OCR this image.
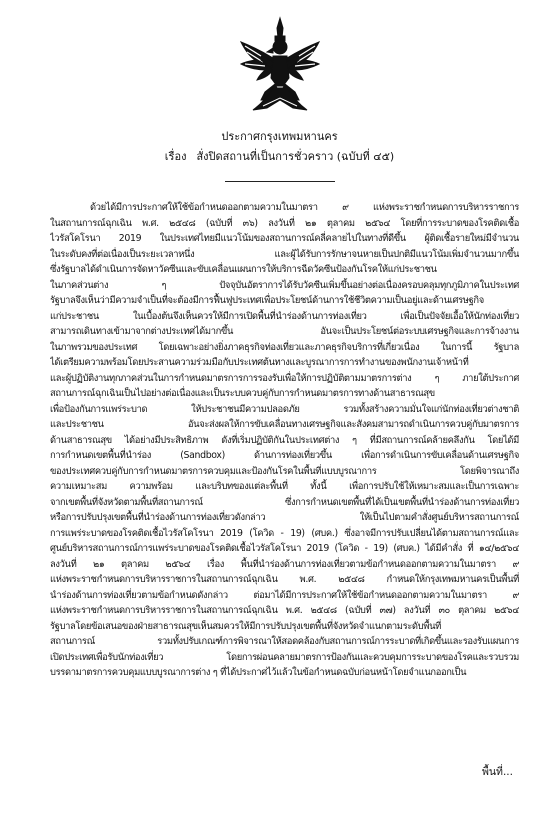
ประกาศกรุงเทพมหานคร
เรื่อง สั่งปิดสถานที่เป็นการชั่วคราว (ฉบับที่ ๔๕)
ด้วยได้มีการประกาศให้ใช้ข้อกำหนดออกตามความในมาตรา ๙ แห่งพระราชกำหนดการบริหารราชการ
ในสถานการณ์ฉุกเฉิน พ.ศ. ๒๕๔๘ (ฉบับที่ ๓๖) ลงวันที่ ๒๑ ตุลาคม ๒๕๖๔ โดยที่การระบาดของโรคติดเชื้อ
ไวรัสโคโรนา 2019 ในประเทศไทยมีแนวโน้มของสถานการณ์คลี่คลายไปในทางที่ดีขึ้น ผู้ติดเชื้อรายใหม่มีจำนวน
ในระดับคงที่ต่อเนื่องเป็นระยะเวลาหนึ่ง และผู้ได้รับการรักษาจนหายเป็นปกติมีแนวโน้มเพิ่มจำนวนมากขึ้น
ซึ่งรัฐบาลได้ดำเนินการจัดหาวัคซีนและขับเคลื่อนแผนการให้บริการฉีดวัคซีนป้องกันโรคให้แก่ประชาชน
ในภาคส่วนต่าง ๆ ปัจจุบันอัตราการได้รับวัคซีนเพิ่มขึ้นอย่างต่อเนื่องครอบคลุมทุกภูมิภาคในประเทศ
รัฐบาลจึงเห็นว่ามีความจำเป็นที่จะต้องมีการฟื้นฟูประเทศเพื่อประโยชน์ด้านการใช้ชีวิตความเป็นอยู่และด้านเศรษฐกิจ
แก่ประชาชน ในเบื้องต้นจึงเห็นควรให้มีการเปิดพื้นที่นำร่องด้านการท่องเที่ยว เพื่อเป็นปัจจัยเอื้อให้นักท่องเที่ยว
สามารถเดินทางเข้ามาจากต่างประเทศได้มากขึ้น อันจะเป็นประโยชน์ต่อระบบเศรษฐกิจและการจ้างงาน
ในภาพรวมของประเทศ โดยเฉพาะอย่างยิ่งภาคธุรกิจท่องเที่ยวและภาคธุรกิจบริการที่เกี่ยวเนื่อง ในการนี้ รัฐบาล
ได้เตรียมความพร้อมโดยประสานความร่วมมือกับประเทศต้นทางและบูรณาการการทำงานของพนักงานเจ้าหน้าที่
และผู้ปฏิบัติงานทุกภาคส่วนในการกำหนดมาตรการการรองรับเพื่อให้การปฏิบัติตามมาตรการต่าง ๆ ภายใต้ประกาศ
สถานการณ์ฉุกเฉินเป็นไปอย่างต่อเนื่องและเป็นระบบควบคู่กับการกำหนดมาตรการทางด้านสาธารณสุข
เพื่อป้องกันการแพร่ระบาด ให้ประชาชนมีความปลอดภัย รวมทั้งสร้างความมั่นใจแก่นักท่องเที่ยวต่างชาติ
และประชาชน อันจะส่งผลให้การขับเคลื่อนทางเศรษฐกิจและสังคมสามารถดำเนินการควบคู่กับมาตรการ
ด้านสาธารณสุข ได้อย่างมีประสิทธิภาพ ดังที่เริ่มปฏิบัติกันในประเทศต่าง ๆ ที่มีสถานการณ์คล้ายคลึงกัน โดยได้มี
การกำหนดเขตพื้นที่นำร่อง (Sandbox) ด้านการท่องเที่ยวขึ้น เพื่อการดำเนินการขับเคลื่อนด้านเศรษฐกิจ
ของประเทศควบคู่กับการกำหนดมาตรการควบคุมและป้องกันโรคในพื้นที่แบบบูรณาการ โดยพิจารณาถึง
ความเหมาะสม ความพร้อม และบริบทของแต่ละพื้นที่ ทั้งนี้ เพื่อการปรับใช้ให้เหมาะสมและเป็นการเฉพาะ
จากเขตพื้นที่จังหวัดตามพื้นที่สถานการณ์ ซึ่งการกำหนดเขตพื้นที่ได้เป็นเขตพื้นที่นำร่องด้านการท่องเที่ยว
หรือการปรับปรุงเขตพื้นที่นำร่องด้านการท่องเที่ยวดังกล่าว ให้เป็นไปตามคำสั่งศูนย์บริหารสถานการณ์
การแพร่ระบาดของโรคติดเชื้อไวรัสโคโรนา 2019 (โควิด - 19) (ศบค.) ซึ่งอาจมีการปรับเปลี่ยนได้ตามสถานการณ์และ
ศูนย์บริหารสถานการณ์การแพร่ระบาดของโรคติดเชื้อไวรัสโคโรนา 2019 (โควิด - 19) (ศบค.) ได้มีคำสั่ง ที่ ๑๔/๒๕๖๔
ลงวันที่ ๒๑ ตุลาคม ๒๕๖๔ เรื่อง พื้นที่นำร่องด้านการท่องเที่ยวตามข้อกำหนดออกตามความในมาตรา ๙
แห่งพระราชกำหนดการบริหารราชการในสถานการณ์ฉุกเฉิน พ.ศ. ๒๕๔๘ กำหนดให้กรุงเทพมหานครเป็นพื้นที่
นำร่องด้านการท่องเที่ยวตามข้อกำหนดดังกล่าว ต่อมาได้มีการประกาศให้ใช้ข้อกำหนดออกตามความในมาตรา ๙
แห่งพระราชกำหนดการบริหารราชการในสถานการณ์ฉุกเฉิน พ.ศ. ๒๕๔๘ (ฉบับที่ ๓๗) ลงวันที่ ๓๐ ตุลาคม ๒๕๖๔
รัฐบาลโดยข้อเสนอของฝ่ายสาธารณสุขเห็นสมควรให้มีการปรับปรุงเขตพื้นที่จังหวัดจำแนกตามระดับพื้นที่
สถานการณ์ รวมทั้งปรับเกณฑ์การพิจารณาให้สอดคล้องกับสถานการณ์การระบาดที่เกิดขึ้นและรองรับแผนการ
เปิดประเทศเพื่อรับนักท่องเที่ยว โดยการผ่อนคลายมาตรการป้องกันและควบคุมการระบาดของโรคและรวบรวม
บรรดามาตรการควบคุมแบบบูรณาการต่าง ๆ ที่ได้ประกาศไว้แล้วในข้อกำหนดฉบับก่อนหน้าโดยจำแนกออกเป็น
พื้นที่...
